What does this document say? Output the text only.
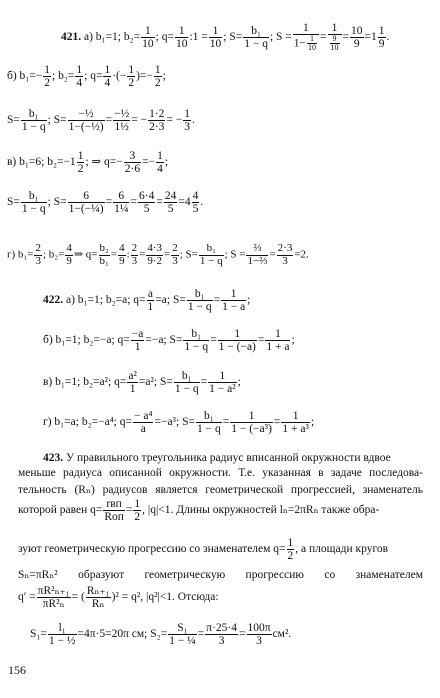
421. а) b₁=1; $b_2= \frac{1}{10}$ ; $q= \frac{1}{10}$ :1 = $\frac{1}{10}$ ; $S= \frac{\text{b₁}}{1 - q}$ ; $S = \frac{1}{1- \frac{1}{10}} = \frac{1}{\frac{9}{10}} = \frac{10}{9} =1 \frac{1}{9}$ .
б) $b_1=- \frac{1}{2}$ ; $b_2= \frac{1}{4}$ ; $q= \frac{1}{4}$ ·(− $\frac{1}{2}$ )=− $\frac{1}{2}$ ;
$S= \frac{\text{b₁}}{1 - q}$ ; $S= \frac{\text{−½}}{\text{1−(−½)}} = \frac{\text{−½}}{\text{1½}}$ = − $\frac{1\cdot 2}{2\cdot 3}$ = − $\frac{1}{3}$ .
в) b₁=6; $b_2=-1 \frac{1}{2}$ ; ⇒ $q=- \frac{3}{2\cdot 6} =- \frac{1}{4}$ ;
$S= \frac{\text{b₁}}{1 - q}$ ; $S= \frac{6}{\text{1−(−¼)}} = \frac{6}{\text{1¼}} = \frac{6\cdot 4}{5} = \frac{24}{5} =4 \frac{4}{5}$ .
г) $b_1= \frac{2}{3}$ ; $b_2= \frac{4}{9}$ ⇒ $q= \frac{\text{b₂}}{\text{b₁}} = \frac{4}{9}$ : $\frac{2}{3} = \frac{4\cdot 3}{9\cdot 2} = \frac{2}{3}$ ; $S= \frac{\text{b₁}}{1 - q}$ ; $S = \frac{\text{⅔}}{\text{1−⅔}} = \frac{2\cdot 3}{3} =2$.
422. а) b₁=1; b₂=a; $q= \frac{a}{1} =a$; $S= \frac{\text{b₁}}{1 - q} = \frac{1}{1 - a}$ ;
б) b₁=1; b₂=−a; $q= \frac{-a}{1} =-a$; $S= \frac{\text{b₁}}{1 - q} = \frac{1}{1 - (-a)} = \frac{1}{1 + a}$ ;
в) b₁=1; b₂=a²; $q= \frac{\text{a²}}{1} =a^2$; $S= \frac{\text{b₁}}{1 - q} = \frac{1}{\text{1 − a²}}$ ;
г) b₁=a; b₂=−a⁴; $q= \frac{\text{− a⁴}}{a} =-a^3$; $S= \frac{\text{b₁}}{1 - q} = \frac{1}{\text{1 − (−a³)}} = \frac{1}{\text{1 + a³}}$ ;
423. У правильного треугольника радиус вписанной окружности вдвое
меньше радиуса описанной окружности. Т.е. указанная в задаче последова-
тельность (Rₙ) радиусов является геометрической прогрессией, знаменатель
которой равен $q= \frac{\text{rвп}}{\text{Rоп}} = \frac{1}{2}$ , |q|<1. Длины окружностей lₙ=2πRₙ также обра-
зуют геометрическую прогрессию со знаменателем $q= \frac{1}{2}$ , а площади кругов
Sₙ=πRₙ² образуют геометрическую прогрессию со знаменателем
$q' = \frac{\text{πR²ₙ₊₁}}{\text{πR²ₙ}}$ = ( $\frac{\text{Rₙ₊₁}}{\text{Rₙ}} )^2 = q^2$, |q²|<1. Отсюда:
$S_1= \frac{\text{l₁}}{\text{1 − ½}} =4\pi\cdot 5=20\pi$ см; $S_2= \frac{\text{S₁}}{\text{1 − ¼}} = \frac{\pi\cdot 25\cdot 4}{3} = \frac{100\pi}{3} см^2$.
156
